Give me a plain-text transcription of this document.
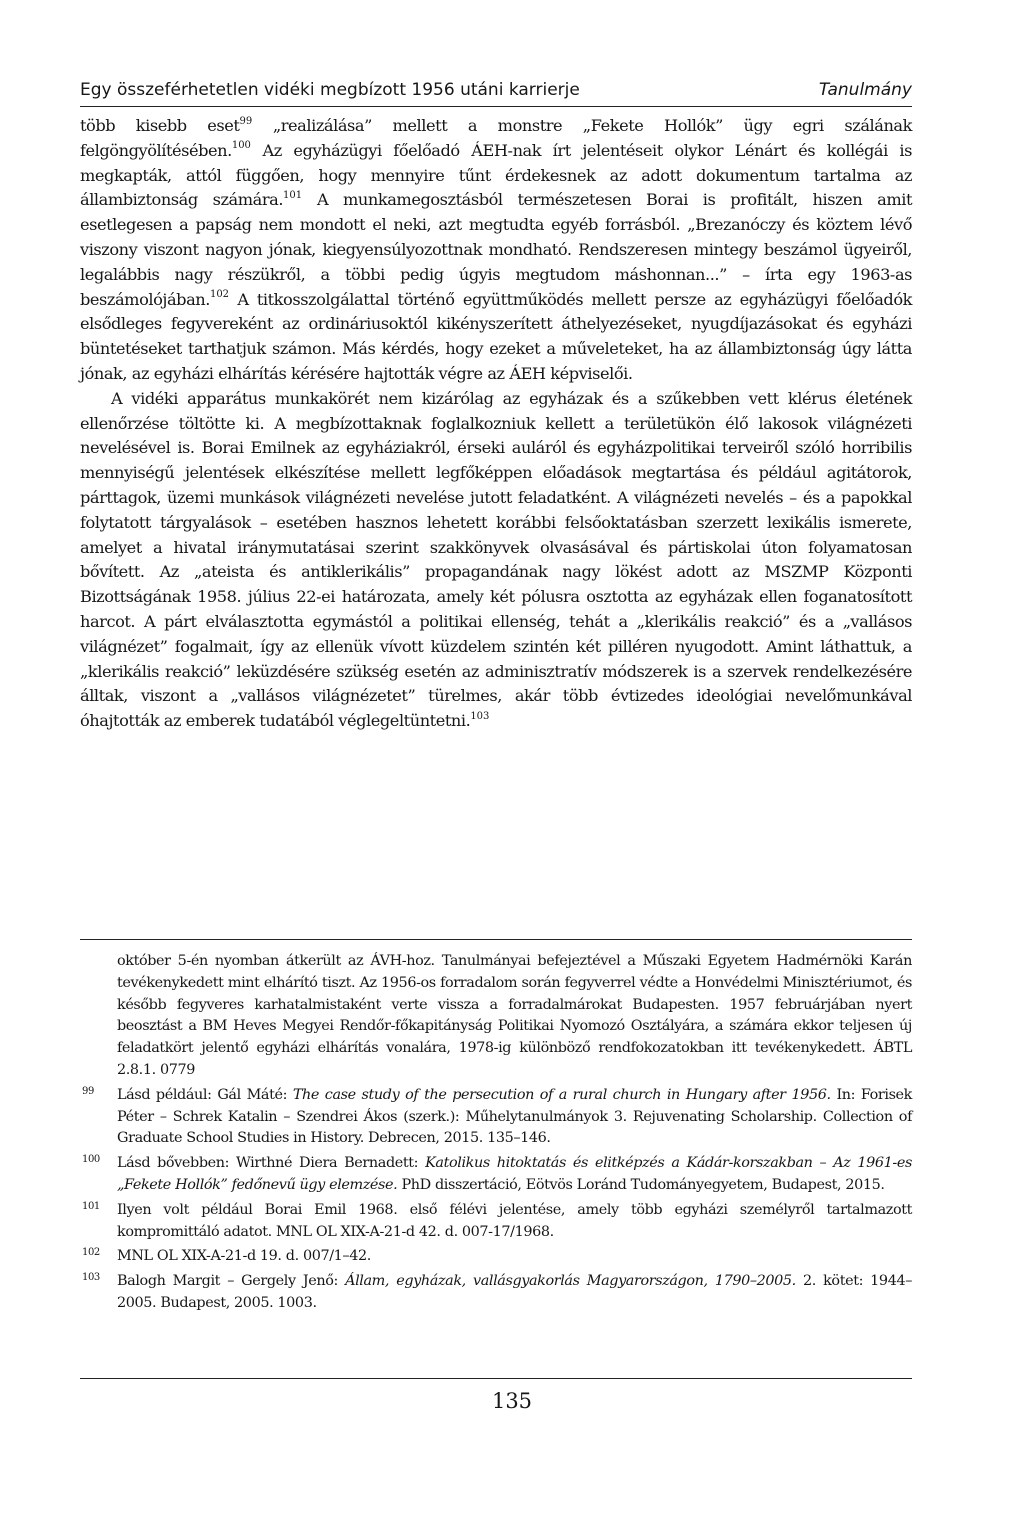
Egy összeférhetetlen vidéki megbízott 1956 utáni karrierje	Tanulmány

több kisebb eset$^{99}$ „realizálása” mellett a monstre „Fekete Hollók” ügy egri szálának felgöngyölítésében.$^{100}$ Az egyházügyi főelőadó ÁEH-nak írt jelentéseit olykor Lénárt és kollégái is megkapták, attól függően, hogy mennyire tűnt érdekesnek az adott dokumentum tartalma az állambiztonság számára.$^{101}$ A munkamegosztásból természetesen Borai is profitált, hiszen amit esetlegesen a papság nem mondott el neki, azt megtudta egyéb forrásból. „Brezanóczy és köztem lévő viszony viszont nagyon jónak, kiegyensúlyozottnak mondható. Rendszeresen mintegy beszámol ügyeiről, legalábbis nagy részükről, a többi pedig úgyis megtudom máshonnan...” – írta egy 1963-as beszámolójában.$^{102}$ A titkosszolgálattal történő együttműködés mellett persze az egyházügyi főelőadók elsődleges fegyvereként az ordináriusoktól kikényszerített áthelyezéseket, nyugdíjazásokat és egyházi büntetéseket tarthatjuk számon. Más kérdés, hogy ezeket a műveleteket, ha az állambiztonság úgy látta jónak, az egyházi elhárítás kérésére hajtották végre az ÁEH képviselői.

A vidéki apparátus munkakörét nem kizárólag az egyházak és a szűkebben vett klérus életének ellenőrzése töltötte ki. A megbízottaknak foglalkozniuk kellett a területükön élő lakosok világnézeti nevelésével is. Borai Emilnek az egyháziakról, érseki auláról és egyházpolitikai terveiről szóló horribilis mennyiségű jelentések elkészítése mellett legfőképpen előadások megtartása és például agitátorok, párttagok, üzemi munkások világnézeti nevelése jutott feladatként. A világnézeti nevelés – és a papokkal folytatott tárgyalások – esetében hasznos lehetett korábbi felsőoktatásban szerzett lexikális ismerete, amelyet a hivatal iránymutatásai szerint szakkönyvek olvasásával és pártiskolai úton folyamatosan bővített. Az „ateista és antiklerikális” propagandának nagy lökést adott az MSZMP Központi Bizottságának 1958. július 22-ei határozata, amely két pólusra osztotta az egyházak ellen foganatosított harcot. A párt elválasztotta egymástól a politikai ellenség, tehát a „klerikális reakció” és a „vallásos világnézet” fogalmait, így az ellenük vívott küzdelem szintén két pilléren nyugodott. Amint láthattuk, a „klerikális reakció” leküzdésére szükség esetén az adminisztratív módszerek is a szervek rendelkezésére álltak, viszont a „vallásos világnézetet” türelmes, akár több évtizedes ideológiai nevelőmunkával óhajtották az emberek tudatából véglegeltüntetni.$^{103}$

október 5-én nyomban átkerült az ÁVH-hoz. Tanulmányai befejeztével a Műszaki Egyetem Hadmérnöki Karán tevékenykedett mint elhárító tiszt. Az 1956-os forradalom során fegyverrel védte a Honvédelmi Minisztériumot, és később fegyveres karhatalmistaként verte vissza a forradalmárokat Budapesten. 1957 februárjában nyert beosztást a BM Heves Megyei Rendőr-főkapitányság Politikai Nyomozó Osztályára, a számára ekkor teljesen új feladatkört jelentő egyházi elhárítás vonalára, 1978-ig különböző rendfokozatokban itt tevékenykedett. ÁBTL 2.8.1. 0779

99	Lásd például: Gál Máté: The case study of the persecution of a rural church in Hungary after 1956. In: Forisek Péter – Schrek Katalin – Szendrei Ákos (szerk.): Műhelytanulmányok 3. Rejuvenating Scholarship. Collection of Graduate School Studies in History. Debrecen, 2015. 135–146.
100	Lásd bővebben: Wirthné Diera Bernadett: Katolikus hitoktatás és elitképzés a Kádár-korszakban – Az 1961-es „Fekete Hollók” fedőnevű ügy elemzése. PhD disszertáció, Eötvös Loránd Tudományegyetem, Budapest, 2015.
101	Ilyen volt például Borai Emil 1968. első félévi jelentése, amely több egyházi személyről tartalmazott kompromittáló adatot. MNL OL XIX-A-21-d 42. d. 007-17/1968.
102	MNL OL XIX-A-21-d 19. d. 007/1–42.
103	Balogh Margit – Gergely Jenő: Állam, egyházak, vallásgyakorlás Magyarországon, 1790–2005. 2. kötet: 1944–2005. Budapest, 2005. 1003.
135
